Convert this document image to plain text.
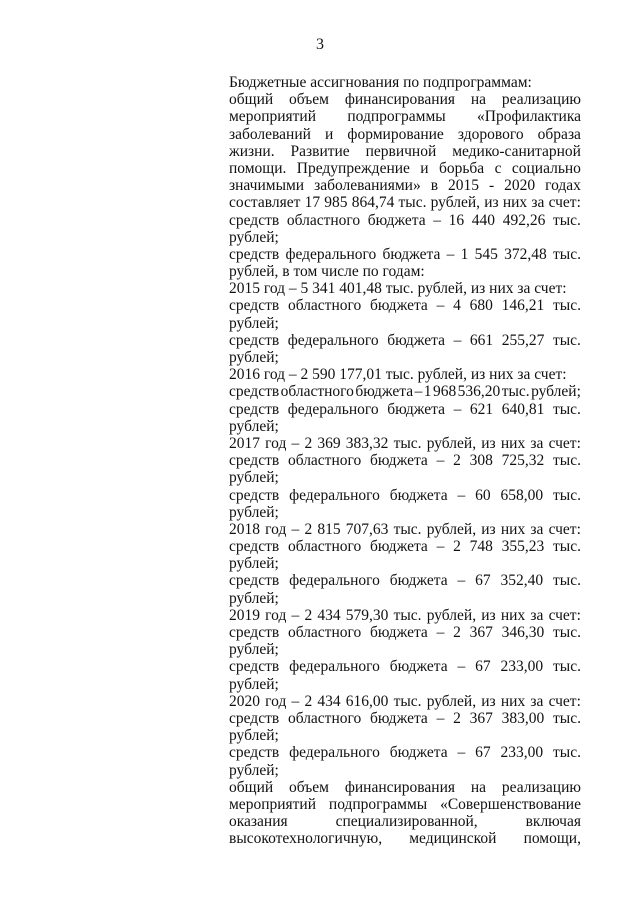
3
Бюджетные ассигнования по подпрограммам:
общий объем финансирования на реализацию
мероприятий подпрограммы «Профилактика
заболеваний и формирование здорового образа
жизни. Развитие первичной медико-санитарной
помощи. Предупреждение и борьба с социально
значимыми заболеваниями» в 2015 - 2020 годах
составляет 17 985 864,74 тыс. рублей, из них за счет:
средств областного бюджета – 16 440 492,26 тыс.
рублей;
средств федерального бюджета – 1 545 372,48 тыс.
рублей, в том числе по годам:
2015 год – 5 341 401,48 тыс. рублей, из них за счет:
средств областного бюджета – 4 680 146,21 тыс.
рублей;
средств федерального бюджета – 661 255,27 тыс.
рублей;
2016 год – 2 590 177,01 тыс. рублей, из них за счет:
средств областного бюджета – 1 968 536,20 тыс. рублей;
средств федерального бюджета – 621 640,81 тыс.
рублей;
2017 год – 2 369 383,32 тыс. рублей, из них за счет:
средств областного бюджета – 2 308 725,32 тыс.
рублей;
средств федерального бюджета – 60 658,00 тыс.
рублей;
2018 год – 2 815 707,63 тыс. рублей, из них за счет:
средств областного бюджета – 2 748 355,23 тыс.
рублей;
средств федерального бюджета – 67 352,40 тыс.
рублей;
2019 год – 2 434 579,30 тыс. рублей, из них за счет:
средств областного бюджета – 2 367 346,30 тыс.
рублей;
средств федерального бюджета – 67 233,00 тыс.
рублей;
2020 год – 2 434 616,00 тыс. рублей, из них за счет:
средств областного бюджета – 2 367 383,00 тыс.
рублей;
средств федерального бюджета – 67 233,00 тыс.
рублей;
общий объем финансирования на реализацию
мероприятий подпрограммы «Совершенствование
оказания	специализированной,	включая
высокотехнологичную, медицинской помощи,
